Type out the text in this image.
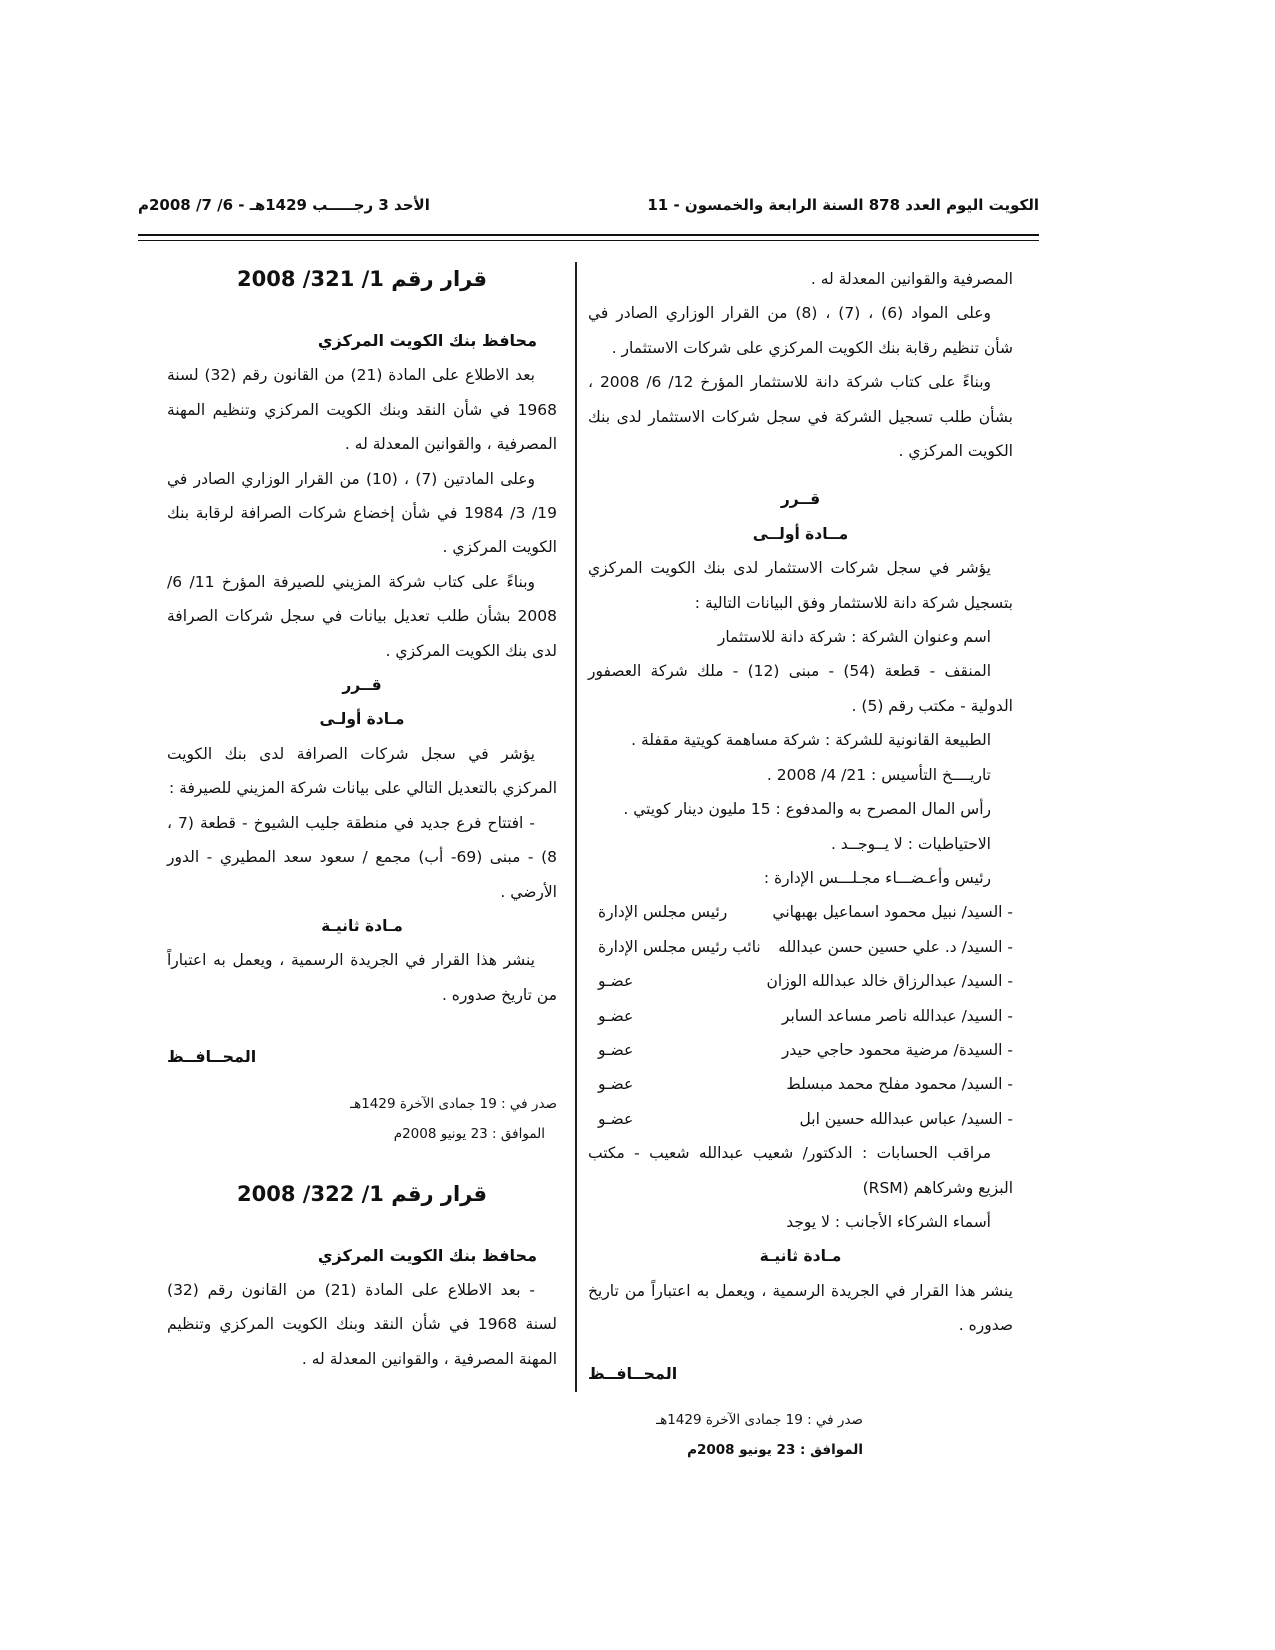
الكويت اليوم العدد 878 السنة الرابعة والخمسون - 11
الأحد 3 رجـــــب 1429هـ - 6/ 7/ 2008م

المصرفية والقوانين المعدلة له .

وعلى المواد (6) ، (7) ، (8) من القرار الوزاري الصادر في شأن تنظيم رقابة بنك الكويت المركزي على شركات الاستثمار .

وبناءً على كتاب شركة دانة للاستثمار المؤرخ 12/ 6/ 2008 ، بشأن طلب تسجيل الشركة في سجل شركات الاستثمار لدى بنك الكويت المركزي .

قــرر

مــادة أولــى

يؤشر في سجل شركات الاستثمار لدى بنك الكويت المركزي بتسجيل شركة دانة للاستثمار وفق البيانات التالية :

اسم وعنوان الشركة : شركة دانة للاستثمار

المنقف - قطعة (54) - مبنى (12) - ملك شركة العصفور الدولية - مكتب رقم (5) .

الطبيعة القانونية للشركة : شركة مساهمة كويتية مقفلة .

تاريــــخ التأسيس : 21/ 4/ 2008 .

رأس المال المصرح به والمدفوع : 15 مليون دينار كويتي .

الاحتياطيات : لا يــوجــد .

رئيس وأعـضـــاء مجـلـــس الإدارة :

- السيد/ نبيل محمود اسماعيل بهبهاني
رئيس مجلس الإدارة
- السيد/ د. علي حسين حسن عبدالله
نائب رئيس مجلس الإدارة
- السيد/ عبدالرزاق خالد عبدالله الوزان
عضـو
- السيد/ عبدالله ناصر مساعد السابر
عضـو
- السيدة/ مرضية محمود حاجي حيدر
عضـو
- السيد/ محمود مفلح محمد مبسلط
عضـو
- السيد/ عباس عبدالله حسين ابل
عضـو

مراقب الحسابات : الدكتور/ شعيب عبدالله شعيب - مكتب البزيع وشركاهم (RSM)

أسماء الشركاء الأجانب : لا يوجد

مـادة ثانيـة

ينشر هذا القرار في الجريدة الرسمية ، ويعمل به اعتباراً من تاريخ صدوره .

المحــافــظ

صدر في : 19 جمادى الآخرة 1429هـ

الموافق : 23 يونيو 2008م

قرار رقم 1/ 321/ 2008

محافظ بنك الكويت المركزي

بعد الاطلاع على المادة (21) من القانون رقم (32) لسنة 1968 في شأن النقد وبنك الكويت المركزي وتنظيم المهنة المصرفية ، والقوانين المعدلة له .

وعلى المادتين (7) ، (10) من القرار الوزاري الصادر في 19/ 3/ 1984 في شأن إخضاع شركات الصرافة لرقابة بنك الكويت المركزي .

وبناءً على كتاب شركة المزيني للصيرفة المؤرخ 11/ 6/ 2008 بشأن طلب تعديل بيانات في سجل شركات الصرافة لدى بنك الكويت المركزي .

قــرر

مـادة أولـى

يؤشر في سجل شركات الصرافة لدى بنك الكويت المركزي بالتعديل التالي على بيانات شركة المزيني للصيرفة :

- افتتاح فرع جديد في منطقة جليب الشيوخ - قطعة (7 ، 8) - مبنى (69- أب) مجمع / سعود سعد المطيري - الدور الأرضي .

مـادة ثانيـة

ينشر هذا القرار في الجريدة الرسمية ، ويعمل به اعتباراً من تاريخ صدوره .

المحــافــظ

صدر في : 19 جمادى الآخرة 1429هـ

الموافق : 23 يونيو 2008م

قرار رقم 1/ 322/ 2008

محافظ بنك الكويت المركزي

- بعد الاطلاع على المادة (21) من القانون رقم (32) لسنة 1968 في شأن النقد وبنك الكويت المركزي وتنظيم المهنة المصرفية ، والقوانين المعدلة له .
